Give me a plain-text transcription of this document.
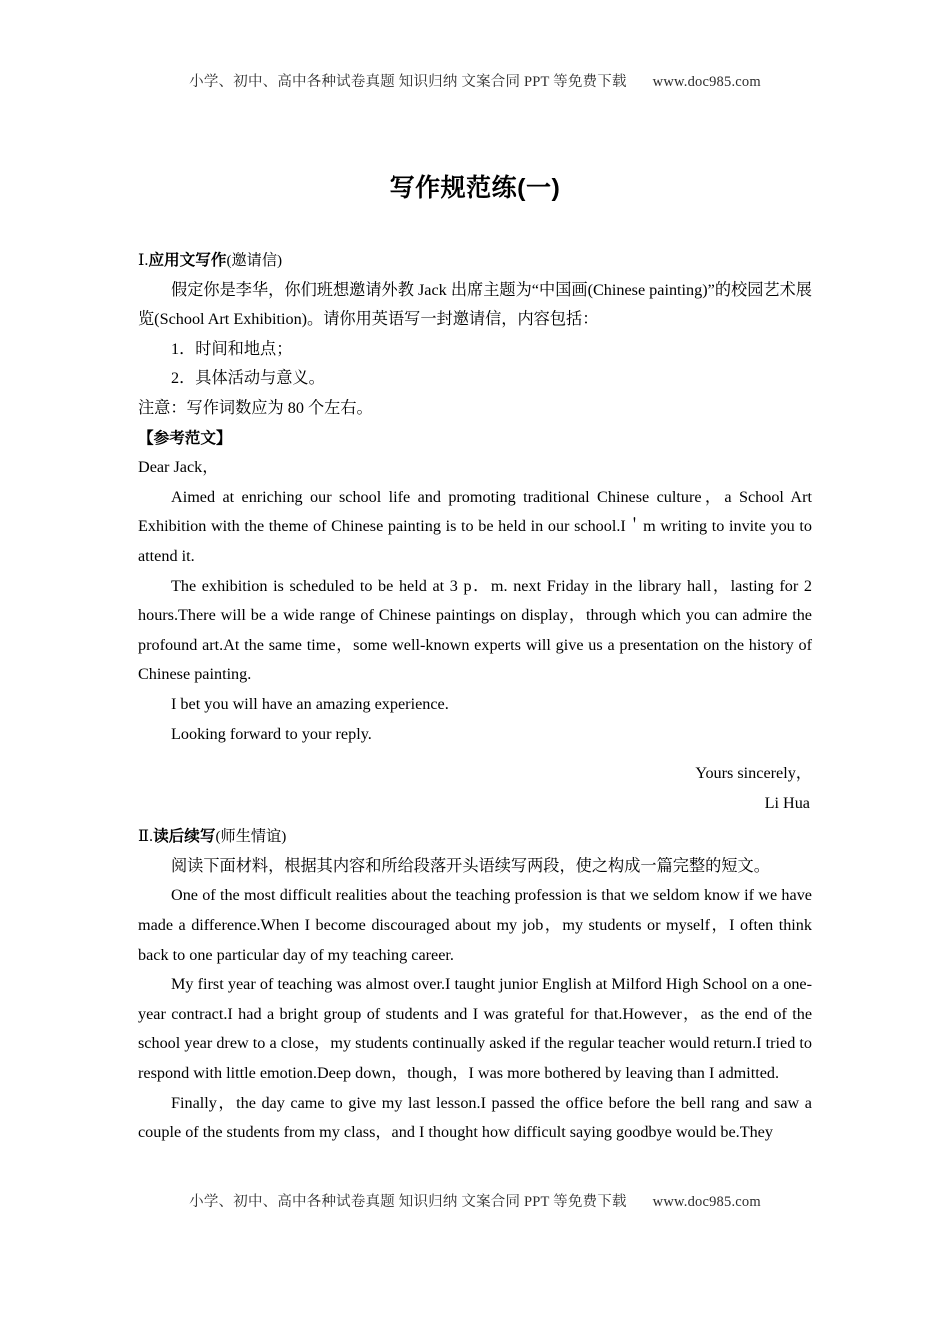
小学、初中、高中各种试卷真题 知识归纳 文案合同 PPT 等免费下载 www.doc985.com
写作规范练(一)
Ⅰ.应用文写作(邀请信)

假定你是李华，你们班想邀请外教 Jack 出席主题为“中国画(Chinese painting)”的校园艺术展览(School Art Exhibition)。请你用英语写一封邀请信，内容包括：

1．时间和地点；

2．具体活动与意义。

注意：写作词数应为 80 个左右。

【参考范文】

Dear Jack，

Aimed at enriching our school life and promoting traditional Chinese culture，a School Art Exhibition with the theme of Chinese painting is to be held in our school.I＇m writing to invite you to attend it.

The exhibition is scheduled to be held at 3 p．m. next Friday in the library hall，lasting for 2 hours.There will be a wide range of Chinese paintings on display，through which you can admire the profound art.At the same time，some well-known experts will give us a presentation on the history of Chinese painting.

I bet you will have an amazing experience.

Looking forward to your reply.

Yours sincerely，

Li Hua

Ⅱ.读后续写(师生情谊)

阅读下面材料，根据其内容和所给段落开头语续写两段，使之构成一篇完整的短文。

One of the most difficult realities about the teaching profession is that we seldom know if we have made a difference.When I become discouraged about my job，my students or myself，I often think back to one particular day of my teaching career.

My first year of teaching was almost over.I taught junior English at Milford High School on a one-year contract.I had a bright group of students and I was grateful for that.However，as the end of the school year drew to a close，my students continually asked if the regular teacher would return.I tried to respond with little emotion.Deep down，though，I was more bothered by leaving than I admitted.

Finally，the day came to give my last lesson.I passed the office before the bell rang and saw a couple of the students from my class，and I thought how difficult saying goodbye would be.They

小学、初中、高中各种试卷真题 知识归纳 文案合同 PPT 等免费下载 www.doc985.com
